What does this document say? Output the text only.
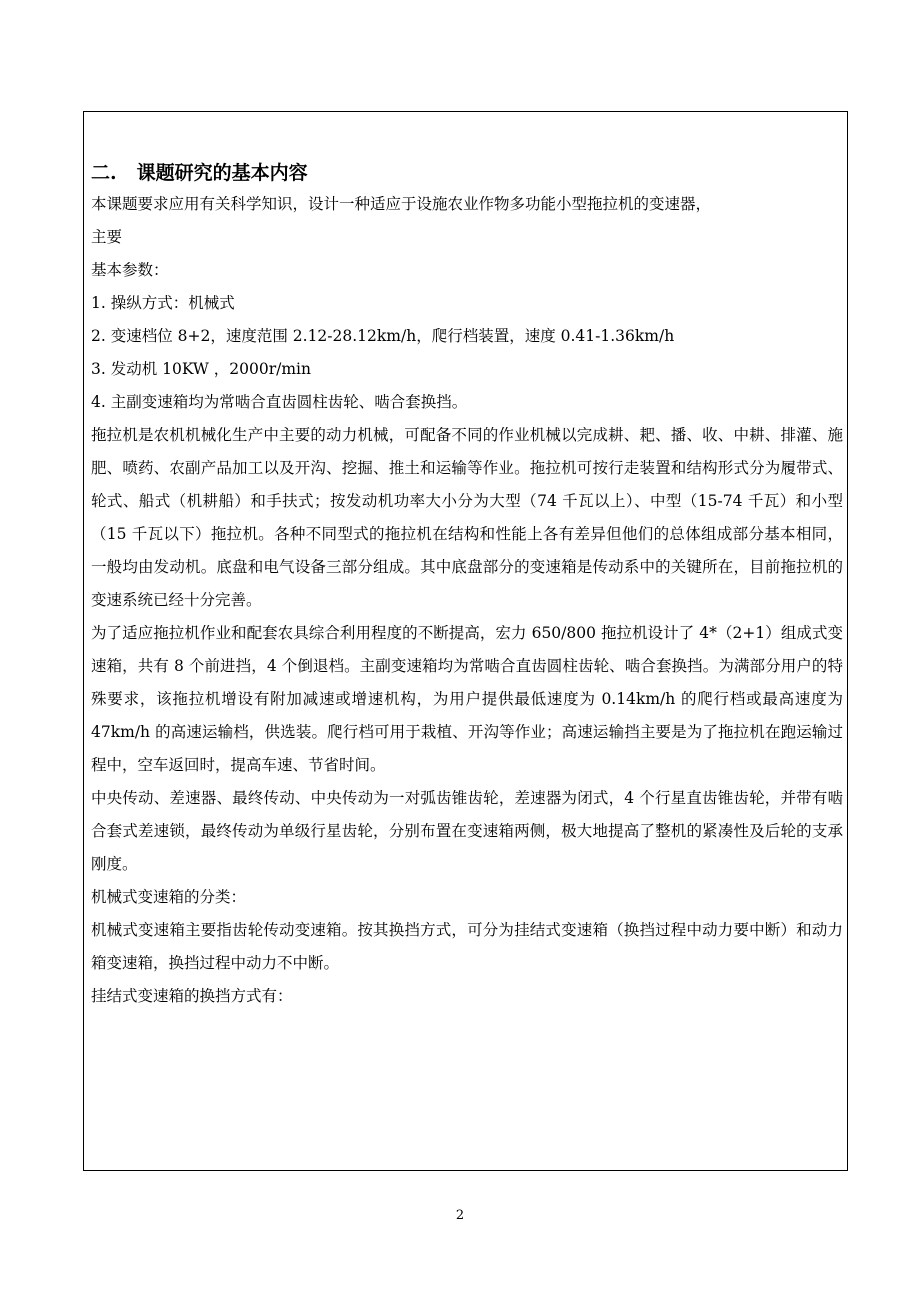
二. 课题研究的基本内容
本课题要求应用有关科学知识，设计一种适应于设施农业作物多功能小型拖拉机的变速器，
主要
基本参数：
1. 操纵方式：机械式
2. 变速档位 8+2，速度范围 2.12-28.12km/h，爬行档装置，速度 0.41-1.36km/h
3. 发动机 10KW ，2000r/min
4. 主副变速箱均为常啮合直齿圆柱齿轮、啮合套换挡。

拖拉机是农机机械化生产中主要的动力机械，可配备不同的作业机械以完成耕、耙、播、收、中耕、排灌、施肥、喷药、农副产品加工以及开沟、挖掘、推土和运输等作业。拖拉机可按行走装置和结构形式分为履带式、轮式、船式（机耕船）和手扶式；按发动机功率大小分为大型（74 千瓦以上）、中型（15-74 千瓦）和小型（15 千瓦以下）拖拉机。各种不同型式的拖拉机在结构和性能上各有差异但他们的总体组成部分基本相同，一般均由发动机。底盘和电气设备三部分组成。其中底盘部分的变速箱是传动系中的关键所在，目前拖拉机的变速系统已经十分完善。

为了适应拖拉机作业和配套农具综合利用程度的不断提高，宏力 650/800 拖拉机设计了 4*（2+1）组成式变速箱，共有 8 个前进挡，4 个倒退档。主副变速箱均为常啮合直齿圆柱齿轮、啮合套换挡。为满部分用户的特殊要求，该拖拉机增设有附加减速或增速机构，为用户提供最低速度为 0.14km/h 的爬行档或最高速度为 47km/h 的高速运输档，供选装。爬行档可用于栽植、开沟等作业；高速运输挡主要是为了拖拉机在跑运输过程中，空车返回时，提高车速、节省时间。

中央传动、差速器、最终传动、中央传动为一对弧齿锥齿轮，差速器为闭式，4 个行星直齿锥齿轮，并带有啮合套式差速锁，最终传动为单级行星齿轮，分别布置在变速箱两侧，极大地提高了整机的紧凑性及后轮的支承刚度。

机械式变速箱的分类：

机械式变速箱主要指齿轮传动变速箱。按其换挡方式，可分为挂结式变速箱（换挡过程中动力要中断）和动力箱变速箱，换挡过程中动力不中断。

挂结式变速箱的换挡方式有：

2
